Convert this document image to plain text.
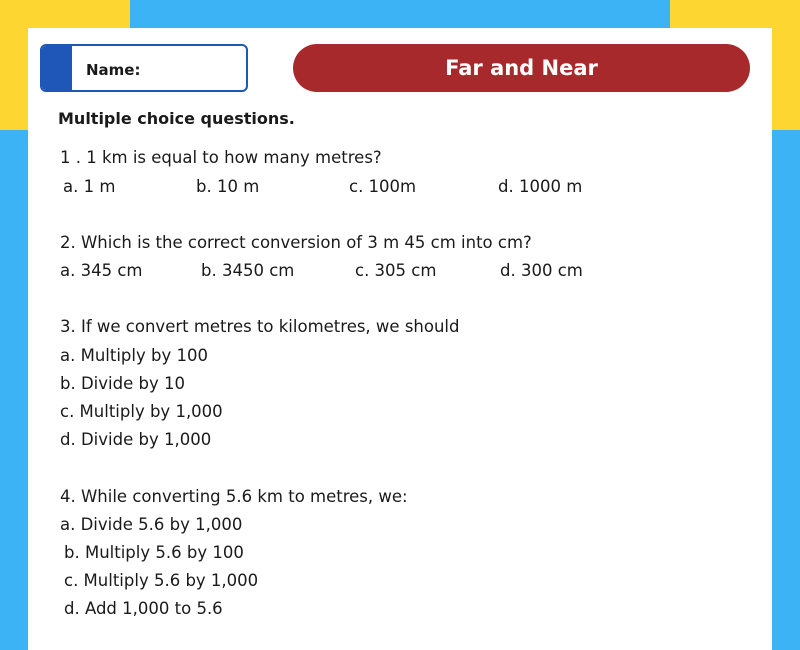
Name:	Far and Near
Multiple choice questions.
1 . 1 km is equal to how many metres?
a. 1 m	b. 10 m	c. 100m	d. 1000 m
2. Which is the correct conversion of 3 m 45 cm into cm?
a. 345 cm	b. 3450 cm	c. 305 cm	d. 300 cm
3. If we convert metres to kilometres, we should
a. Multiply by 100
b. Divide by 10
c. Multiply by 1,000
d. Divide by 1,000
4. While converting 5.6 km to metres, we:
a. Divide 5.6 by 1,000
b. Multiply 5.6 by 100
c. Multiply 5.6 by 1,000
d. Add 1,000 to 5.6
